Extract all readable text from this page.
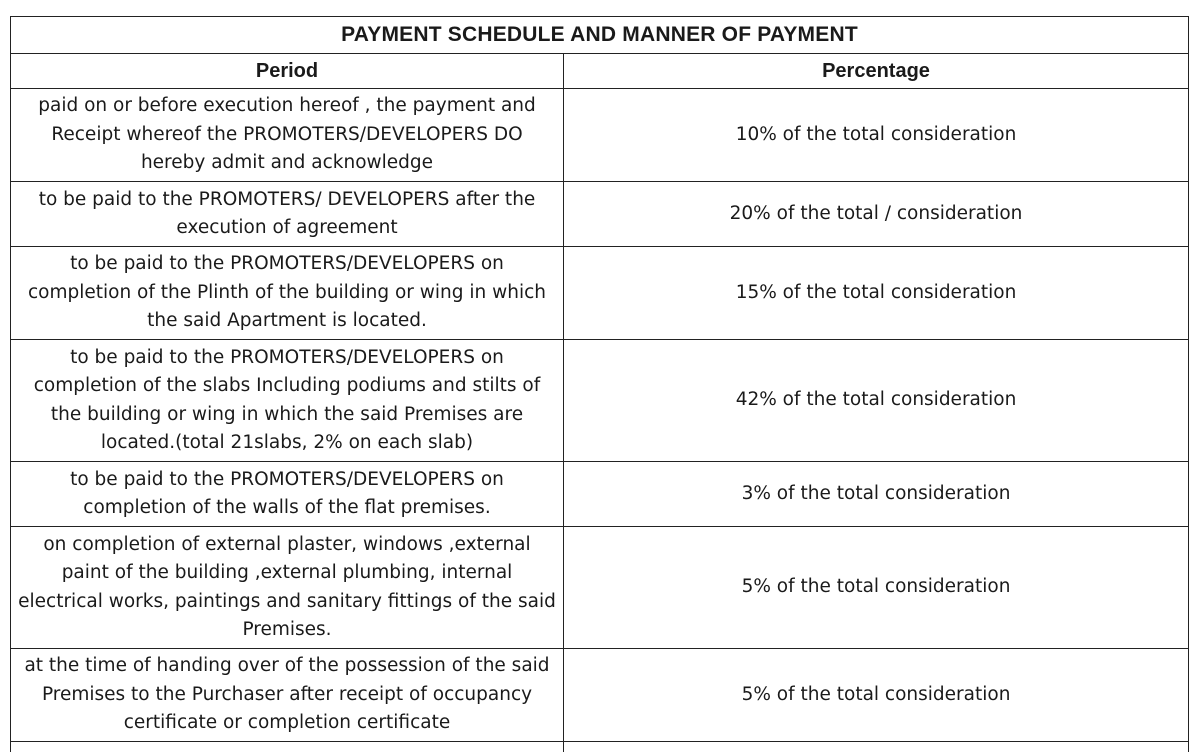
PAYMENT SCHEDULE AND MANNER OF PAYMENT	
Period	Percentage
paid on or before execution hereof , the payment and Receipt whereof the PROMOTERS/DEVELOPERS DO hereby admit and acknowledge	10% of the total consideration
to be paid to the PROMOTERS/ DEVELOPERS after the execution of agreement	20% of the total / consideration
to be paid to the PROMOTERS/DEVELOPERS on completion of the Plinth of the building or wing in which the said Apartment is located.	15% of the total consideration
to be paid to the PROMOTERS/DEVELOPERS on completion of the slabs Including podiums and stilts of the building or wing in which the said Premises are located.(total 21slabs, 2% on each slab)	42% of the total consideration
to be paid to the PROMOTERS/DEVELOPERS on completion of the walls of the flat premises.	3% of the total consideration
on completion of external plaster, windows ,external paint of the building ,external plumbing, internal electrical works, paintings and sanitary fittings of the said Premises.	5% of the total consideration
at the time of handing over of the possession of the said Premises to the Purchaser after receipt of occupancy certificate or completion certificate	5% of the total consideration
